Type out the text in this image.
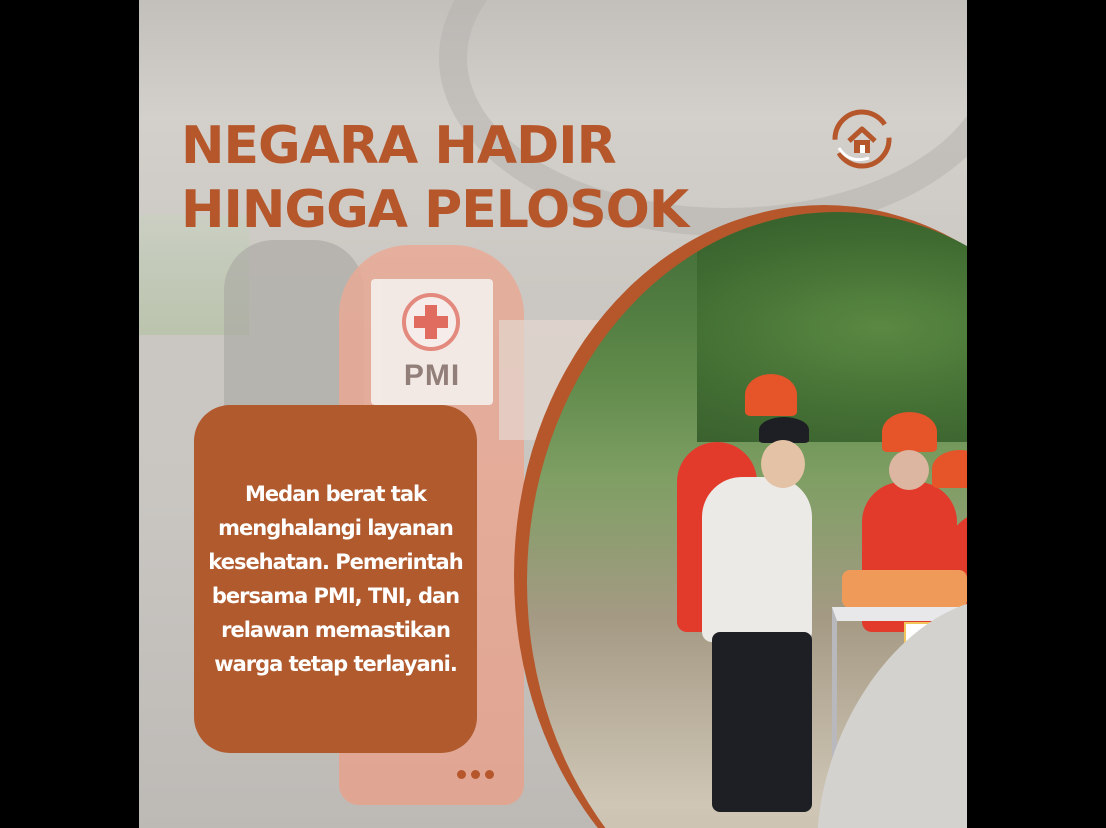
PMI
NEGARA HADIR
HINGGA PELOSOK

Medan berat tak menghalangi layanan kesehatan. Pemerintah bersama PMI, TNI, dan relawan memastikan warga tetap terlayani.
